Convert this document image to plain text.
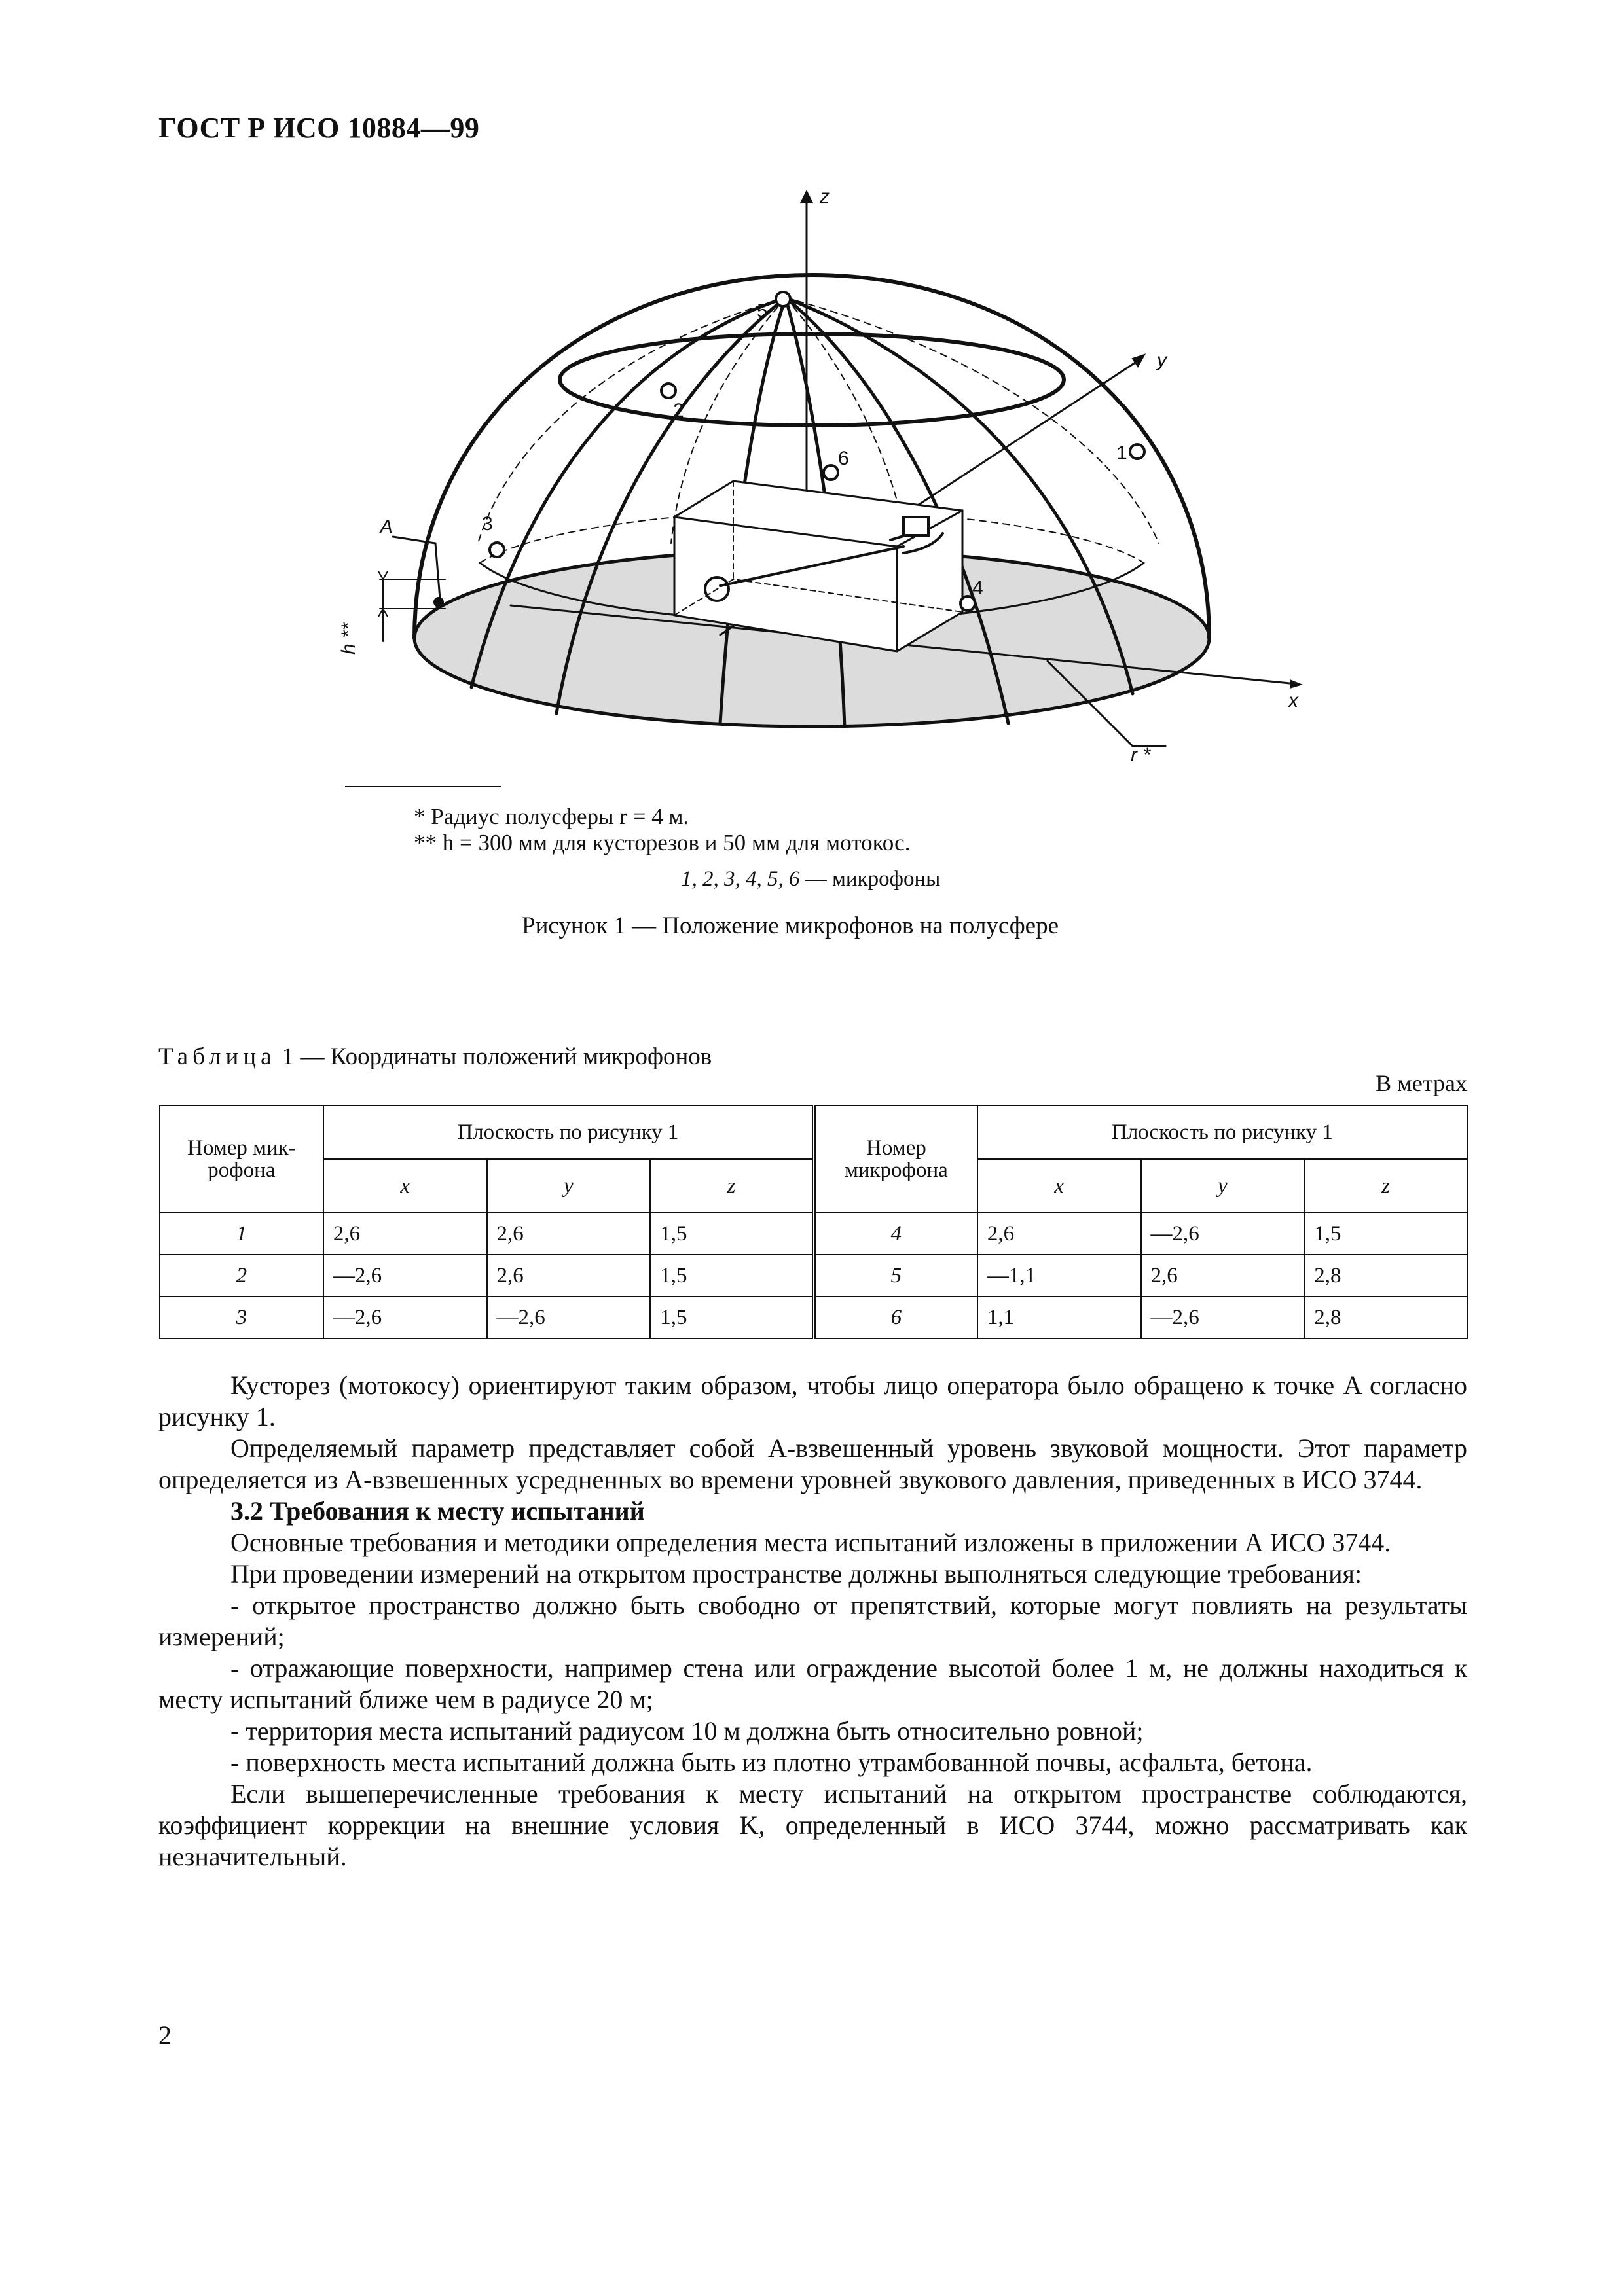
ГОСТ Р ИСО 10884—99
z
y
x
A
r *
h **
1
2
3
4
5
6
* Радиус полусферы r = 4 м.
** h = 300 мм для кусторезов и 50 мм для мотокос.
1, 2, 3, 4, 5, 6 — микрофоны
Рисунок 1 — Положение микрофонов на полусфере
Таблица 1 — Координаты положений микрофонов
В метрах
Номер мик-рофона	Плоскость по рисунку 1			Номер микрофона	Плоскость по рисунку 1		
	x	y	z		x	y	z
1	2,6	2,6	1,5	4	2,6	—2,6	1,5
2	—2,6	2,6	1,5	5	—1,1	2,6	2,8
3	—2,6	—2,6	1,5	6	1,1	—2,6	2,8

Кусторез (мотокосу) ориентируют таким образом, чтобы лицо оператора было обращено к точке A согласно рисунку 1.

Определяемый параметр представляет собой A-взвешенный уровень звуковой мощности. Этот параметр определяется из A-взвешенных усредненных во времени уровней звукового давления, приведенных в ИСО 3744.

3.2 Требования к месту испытаний

Основные требования и методики определения места испытаний изложены в приложении А ИСО 3744.

При проведении измерений на открытом пространстве должны выполняться следующие требования:

- открытое пространство должно быть свободно от препятствий, которые могут повлиять на результаты измерений;

- отражающие поверхности, например стена или ограждение высотой более 1 м, не должны находиться к месту испытаний ближе чем в радиусе 20 м;

- территория места испытаний радиусом 10 м должна быть относительно ровной;

- поверхность места испытаний должна быть из плотно утрамбованной почвы, асфальта, бетона.

Если вышеперечисленные требования к месту испытаний на открытом пространстве соблюдаются, коэффициент коррекции на внешние условия K, определенный в ИСО 3744, можно рассматривать как незначительный.

2
